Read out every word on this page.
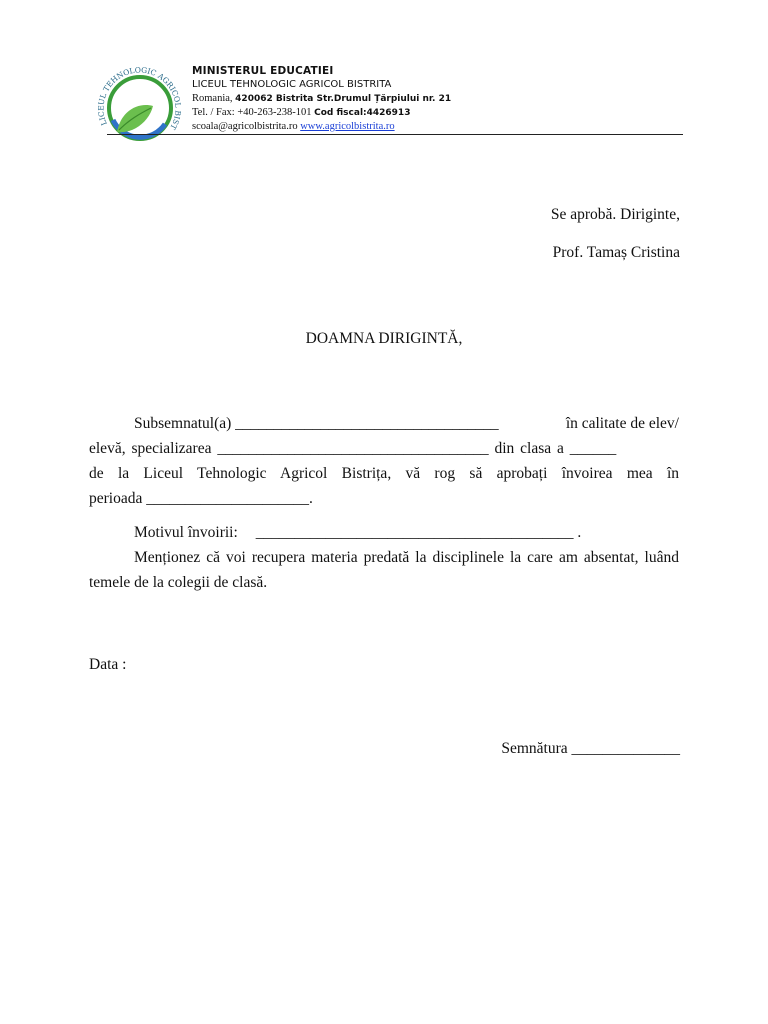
LICEUL TEHNOLOGIC AGRICOL BIST
MINISTERUL EDUCATIEI
LICEUL TEHNOLOGIC AGRICOL BISTRITA
Romania, 420062 Bistrita Str.Drumul Țărpiului nr. 21
Tel. / Fax: +40-263-238-101 Cod fiscal:4426913
scoala@agricolbistrita.ro www.agricolbistrita.ro
Se aprobă. Diriginte,
Prof. Tamaș Cristina
DOAMNA DIRIGINTĂ,
Subsemnatul(a) __________________________________	în calitate de elev/
elevă, specializarea ___________________________________ din clasa a ______
de la Liceul Tehnologic Agricol Bistrița, vă rog să aprobați învoirea mea în
perioada _____________________.
Motivul învoirii: _________________________________________ .

Menționez că voi recupera materia predată la disciplinele la care am absentat, luând temele de la colegii de clasă.

Data :
Semnătura ______________
